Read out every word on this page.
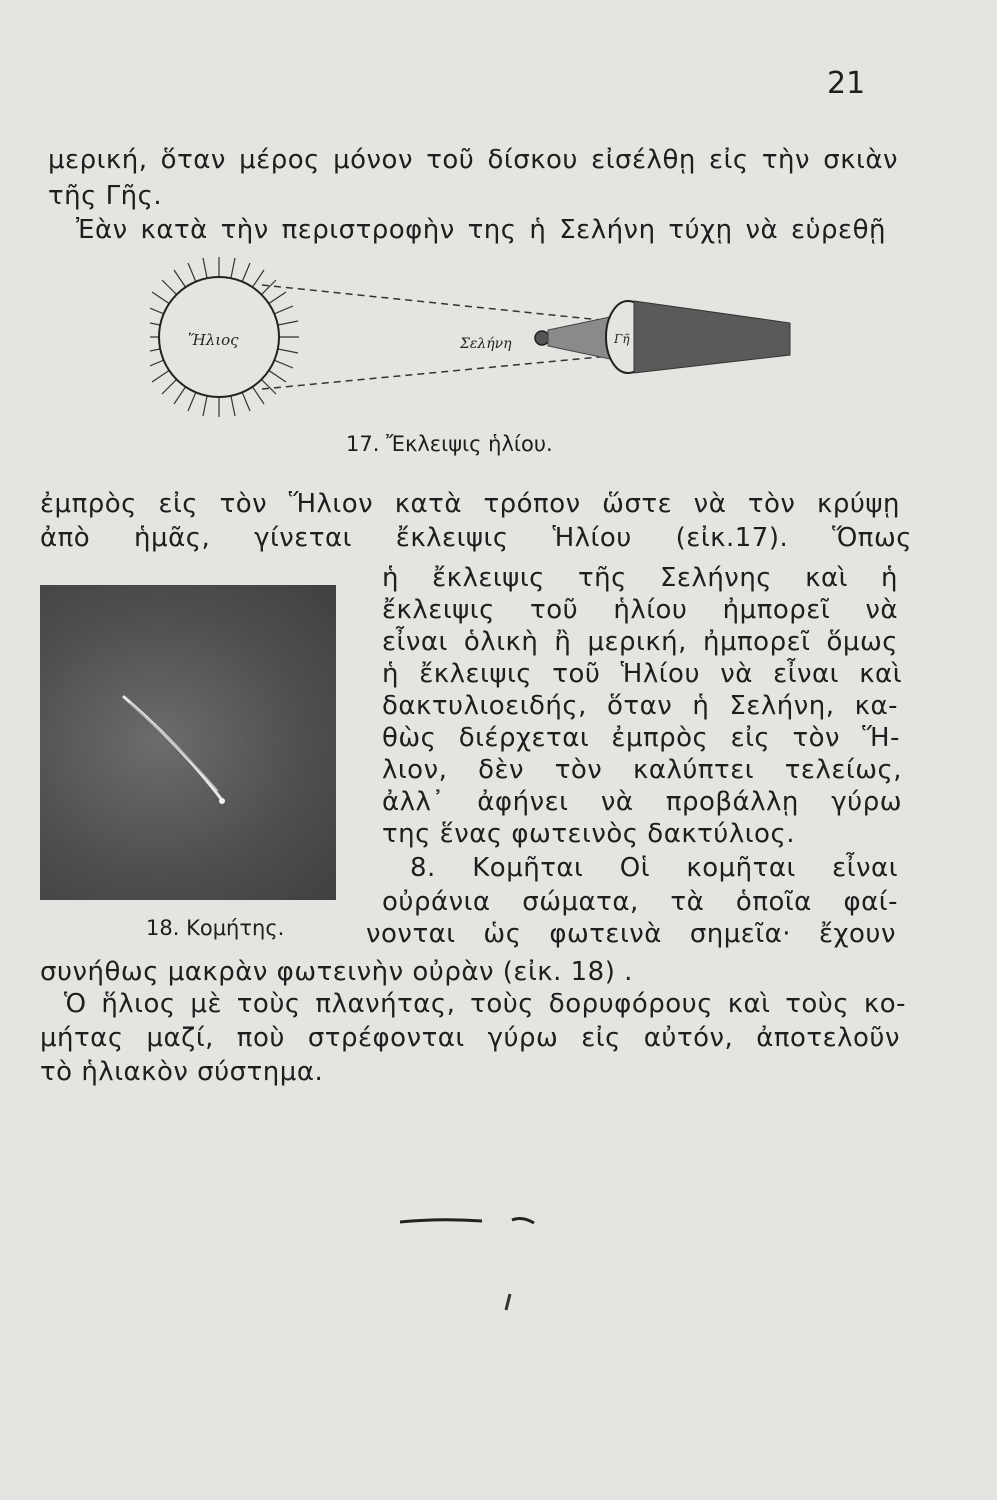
21

μερική, ὅταν μέρος μόνον τοῦ δίσκου εἰσέλθῃ εἰς τὴν σκιὰν

τῆς Γῆς.

Ἐὰν κατὰ τὴν περιστροφὴν της ἡ Σελήνη τύχῃ νὰ εὑρεθῇ

Ἥλιος	Σελήνη	Γῆ
17. Ἔκλειψις ἡλίου.

ἐμπρὸς εἰς τὸν Ἥλιον κατὰ τρόπον ὥστε νὰ τὸν κρύψῃ

ἀπὸ ἡμᾶς, γίνεται ἔκλειψις Ἡλίου (εἰκ.17). Ὅπως

ἡ ἔκλειψις τῆς Σελήνης καὶ ἡ

ἔκλειψις τοῦ ἡλίου ἠμπορεῖ νὰ

εἶναι ὁλικὴ ἢ μερική, ἠμπορεῖ ὅμως

ἡ ἔκλειψις τοῦ Ἡλίου νὰ εἶναι καὶ

δακτυλιοειδής, ὅταν ἡ Σελήνη, κα-

θὼς διέρχεται ἐμπρὸς εἰς τὸν Ἥ-

λιον, δὲν τὸν καλύπτει τελείως,

ἀλλ᾽ ἀφήνει νὰ προβάλλῃ γύρω

της ἕνας φωτεινὸς δακτύλιος.

8. Κομῆται Οἱ κομῆται εἶναι

οὐράνια σώματα, τὰ ὁποῖα φαί-

νονται ὡς φωτεινὰ σημεῖα· ἔχουν

18. Κομήτης.

συνήθως μακρὰν φωτεινὴν οὐρὰν (εἰκ. 18) .

Ὁ ἥλιος μὲ τοὺς πλανήτας, τοὺς δορυφόρους καὶ τοὺς κο-

μήτας μαζί, ποὺ στρέφονται γύρω εἰς αὐτόν, ἀποτελοῦν

τὸ ἡλιακὸν σύστημα.
